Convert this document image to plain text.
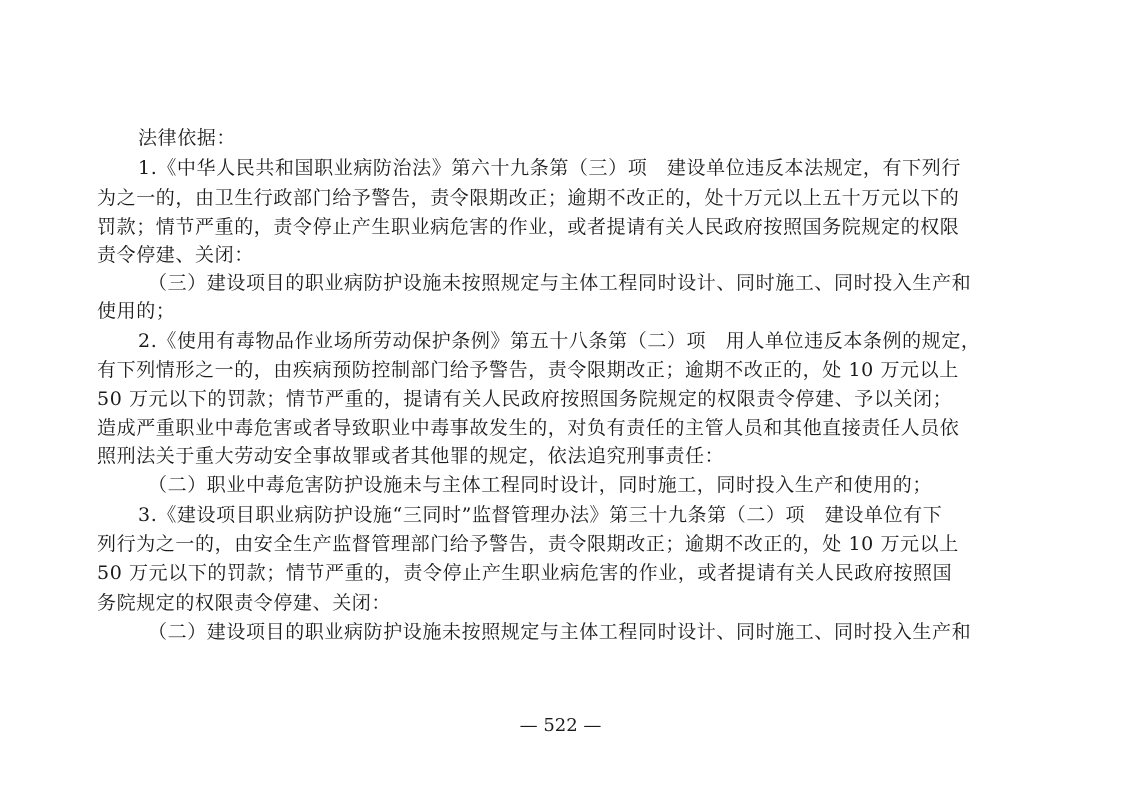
法律依据：
1.《中华人民共和国职业病防治法》第六十九条第（三）项　建设单位违反本法规定，有下列行
为之一的，由卫生行政部门给予警告，责令限期改正；逾期不改正的，处十万元以上五十万元以下的
罚款；情节严重的，责令停止产生职业病危害的作业，或者提请有关人民政府按照国务院规定的权限
责令停建、关闭：
（三）建设项目的职业病防护设施未按照规定与主体工程同时设计、同时施工、同时投入生产和
使用的；
2.《使用有毒物品作业场所劳动保护条例》第五十八条第（二）项　用人单位违反本条例的规定，
有下列情形之一的，由疾病预防控制部门给予警告，责令限期改正；逾期不改正的，处 10 万元以上
50 万元以下的罚款；情节严重的，提请有关人民政府按照国务院规定的权限责令停建、予以关闭；
造成严重职业中毒危害或者导致职业中毒事故发生的，对负有责任的主管人员和其他直接责任人员依
照刑法关于重大劳动安全事故罪或者其他罪的规定，依法追究刑事责任：
（二）职业中毒危害防护设施未与主体工程同时设计，同时施工，同时投入生产和使用的；
3.《建设项目职业病防护设施“三同时”监督管理办法》第三十九条第（二）项　建设单位有下
列行为之一的，由安全生产监督管理部门给予警告，责令限期改正；逾期不改正的，处 10 万元以上
50 万元以下的罚款；情节严重的，责令停止产生职业病危害的作业，或者提请有关人民政府按照国
务院规定的权限责令停建、关闭：
（二）建设项目的职业病防护设施未按照规定与主体工程同时设计、同时施工、同时投入生产和
— 522 —
